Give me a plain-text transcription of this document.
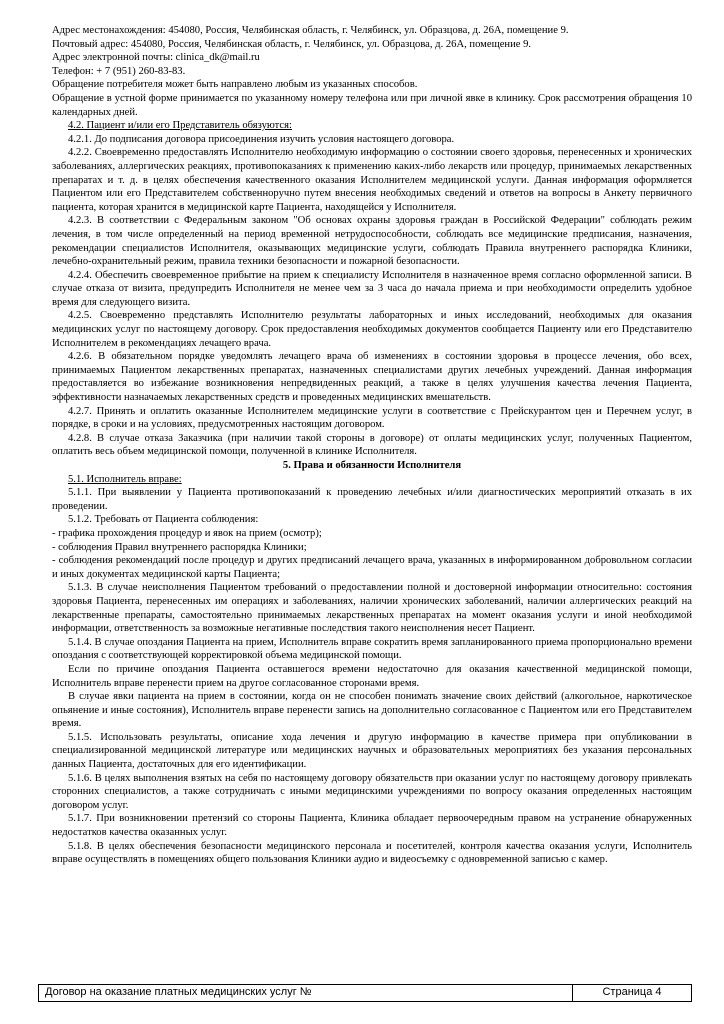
Адрес местонахождения: 454080, Россия, Челябинская область, г. Челябинск, ул. Образцова, д. 26А, помещение 9.

Почтовый адрес: 454080, Россия, Челябинская область, г. Челябинск, ул. Образцова, д. 26А, помещение 9.

Адрес электронной почты: clinica_dk@mail.ru

Телефон: + 7 (951) 260-83-83.

Обращение потребителя может быть направлено любым из указанных способов.

Обращение в устной форме принимается по указанному номеру телефона или при личной явке в клинику. Срок рассмотрения обращения 10 календарных дней.

4.2. Пациент и/или его Представитель обязуются:

4.2.1. До подписания договора присоединения изучить условия настоящего договора.

4.2.2. Своевременно предоставлять Исполнителю необходимую информацию о состоянии своего здоровья, перенесенных и хронических заболеваниях, аллергических реакциях, противопоказаниях к применению каких-либо лекарств или процедур, принимаемых лекарственных препаратах и т. д. в целях обеспечения качественного оказания Исполнителем медицинской услуги. Данная информация оформляется Пациентом или его Представителем собственноручно путем внесения необходимых сведений и ответов на вопросы в Анкету первичного пациента, которая хранится в медицинской карте Пациента, находящейся у Исполнителя.

4.2.3. В соответствии с Федеральным законом "Об основах охраны здоровья граждан в Российской Федерации" соблюдать режим лечения, в том числе определенный на период временной нетрудоспособности, соблюдать все медицинские предписания, назначения, рекомендации специалистов Исполнителя, оказывающих медицинские услуги, соблюдать Правила внутреннего распорядка Клиники, лечебно-охранительный режим, правила техники безопасности и пожарной безопасности.

4.2.4. Обеспечить своевременное прибытие на прием к специалисту Исполнителя в назначенное время согласно оформленной записи. В случае отказа от визита, предупредить Исполнителя не менее чем за 3 часа до начала приема и при необходимости определить удобное время для следующего визита.

4.2.5. Своевременно представлять Исполнителю результаты лабораторных и иных исследований, необходимых для оказания медицинских услуг по настоящему договору. Срок предоставления необходимых документов сообщается Пациенту или его Представителю Исполнителем в рекомендациях лечащего врача.

4.2.6. В обязательном порядке уведомлять лечащего врача об изменениях в состоянии здоровья в процессе лечения, обо всех, принимаемых Пациентом лекарственных препаратах, назначенных специалистами других лечебных учреждений. Данная информация предоставляется во избежание возникновения непредвиденных реакций, а также в целях улучшения качества лечения Пациента, эффективности назначаемых лекарственных средств и проведенных медицинских вмешательств.

4.2.7. Принять и оплатить оказанные Исполнителем медицинские услуги в соответствие с Прейскурантом цен и Перечнем услуг, в порядке, в сроки и на условиях, предусмотренных настоящим договором.

4.2.8. В случае отказа Заказчика (при наличии такой стороны в договоре) от оплаты медицинских услуг, полученных Пациентом, оплатить весь объем медицинской помощи, полученной в клинике Исполнителя.

5. Права и обязанности Исполнителя

5.1. Исполнитель вправе:

5.1.1. При выявлении у Пациента противопоказаний к проведению лечебных и/или диагностических мероприятий отказать в их проведении.

5.1.2. Требовать от Пациента соблюдения:

- графика прохождения процедур и явок на прием (осмотр);

- соблюдения Правил внутреннего распорядка Клиники;

- соблюдения рекомендаций после процедур и других предписаний лечащего врача, указанных в информированном добровольном согласии и иных документах медицинской карты Пациента;

5.1.3. В случае неисполнения Пациентом требований о предоставлении полной и достоверной информации относительно: состояния здоровья Пациента, перенесенных им операциях и заболеваниях, наличии хронических заболеваний, наличии аллергических реакций на лекарственные препараты, самостоятельно принимаемых лекарственных препаратах на момент оказания услуги и иной необходимой информации, ответственность за возможные негативные последствия такого неисполнения несет Пациент.

5.1.4. В случае опоздания Пациента на прием, Исполнитель вправе сократить время запланированного приема пропорционально времени опоздания с соответствующей корректировкой объема медицинской помощи.

Если по причине опоздания Пациента оставшегося времени недостаточно для оказания качественной медицинской помощи, Исполнитель вправе перенести прием на другое согласованное сторонами время.

В случае явки пациента на прием в состоянии, когда он не способен понимать значение своих действий (алкогольное, наркотическое опьянение и иные состояния), Исполнитель вправе перенести запись на дополнительно согласованное с Пациентом или его Представителем время.

5.1.5. Использовать результаты, описание хода лечения и другую информацию в качестве примера при опубликовании в специализированной медицинской литературе или медицинских научных и образовательных мероприятиях без указания персональных данных Пациента, достаточных для его идентификации.

5.1.6. В целях выполнения взятых на себя по настоящему договору обязательств при оказании услуг по настоящему договору привлекать сторонних специалистов, а также сотрудничать с иными медицинскими учреждениями по вопросу оказания определенных настоящим договором услуг.

5.1.7. При возникновении претензий со стороны Пациента, Клиника обладает первоочередным правом на устранение обнаруженных недостатков качества оказанных услуг.

5.1.8. В целях обеспечения безопасности медицинского персонала и посетителей, контроля качества оказания услуги, Исполнитель вправе осуществлять в помещениях общего пользования Клиники аудио и видеосъемку с одновременной записью с камер.

Договор на оказание платных медицинских услуг №	Страница 4
